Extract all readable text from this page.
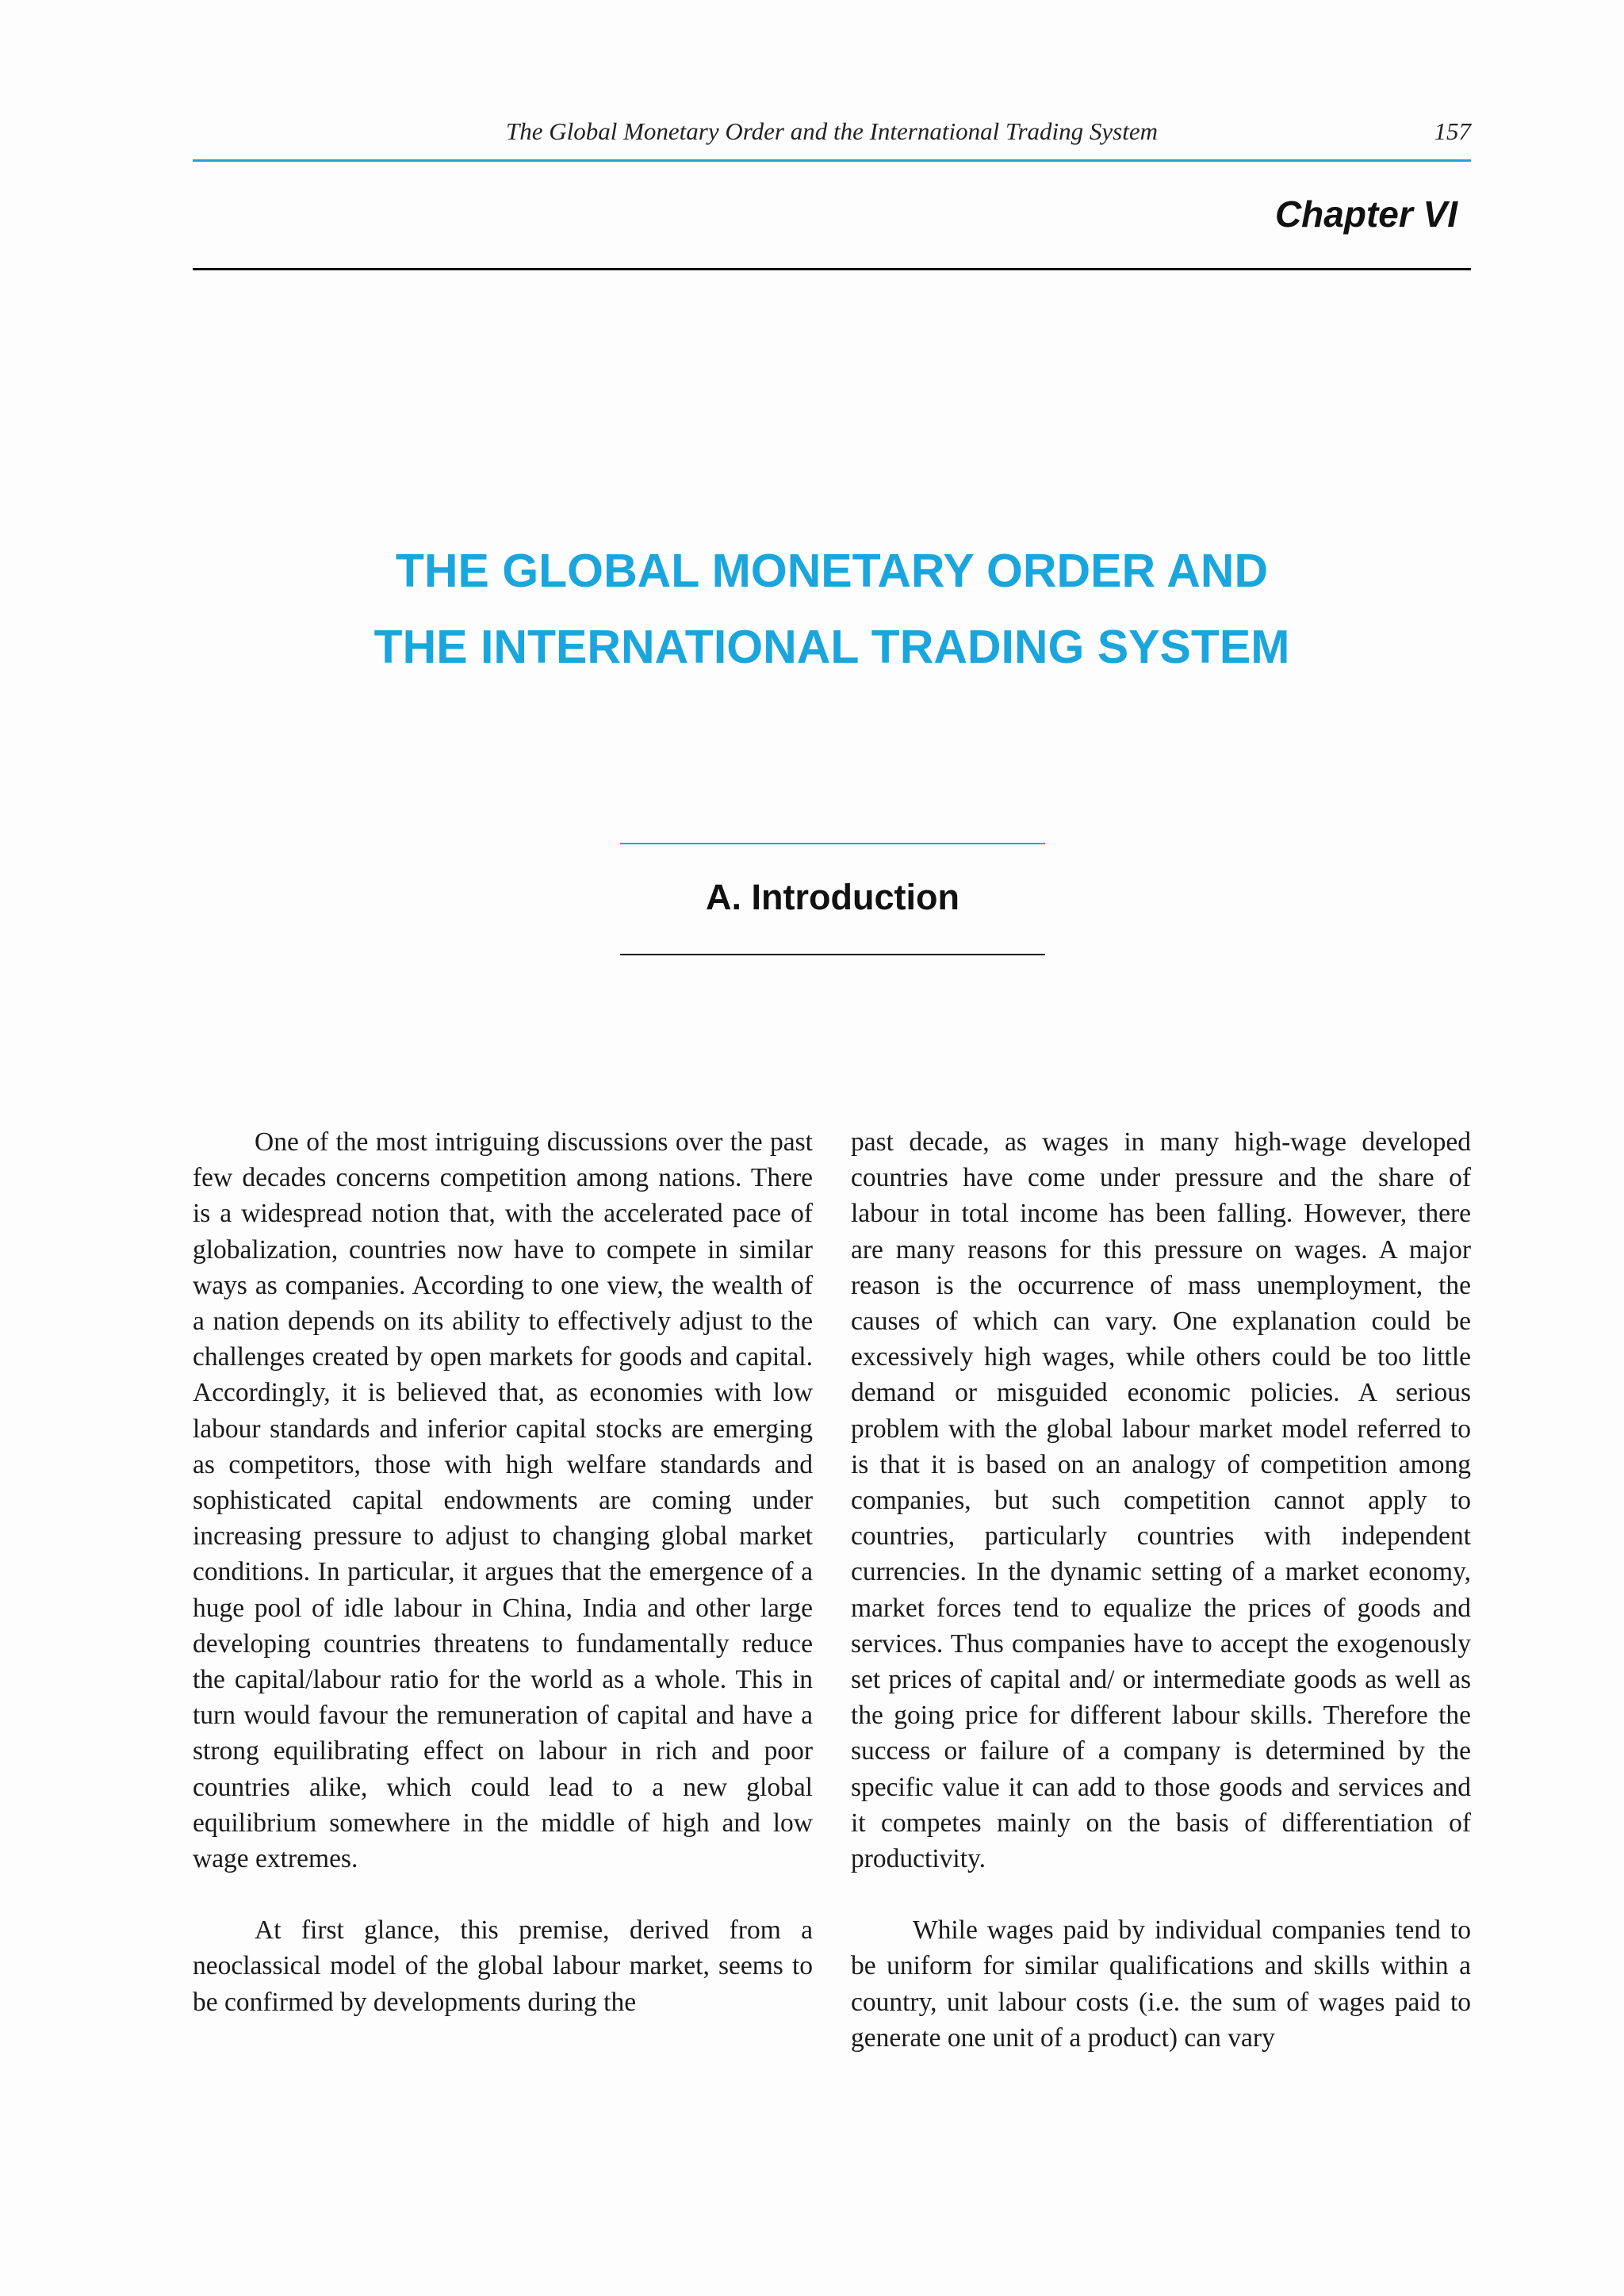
The Global Monetary Order and the International Trading System	157
Chapter VI
THE GLOBAL MONETARY ORDER AND
THE INTERNATIONAL TRADING SYSTEM
A. Introduction

One of the most intriguing discussions over the past few decades concerns competition among nations. There is a widespread notion that, with the accelerated pace of globalization, countries now have to compete in similar ways as companies. According to one view, the wealth of a nation depends on its ability to effectively adjust to the challenges created by open markets for goods and capital. Accordingly, it is believed that, as economies with low labour standards and inferior capital stocks are emerging as competitors, those with high welfare standards and sophisticated capital endowments are coming under increasing pressure to adjust to changing global market conditions. In particular, it argues that the emergence of a huge pool of idle labour in China, India and other large developing countries threatens to fundamentally reduce the capital/labour ratio for the world as a whole. This in turn would favour the remuneration of capital and have a strong equilibrating effect on labour in rich and poor countries alike, which could lead to a new global equilibrium somewhere in the middle of high and low wage extremes.

At first glance, this premise, derived from a neoclassical model of the global labour market, seems to be confirmed by developments during the

past decade, as wages in many high-wage developed countries have come under pressure and the share of labour in total income has been falling. However, there are many reasons for this pressure on wages. A major reason is the occurrence of mass unemployment, the causes of which can vary. One explanation could be excessively high wages, while others could be too little demand or misguided economic policies. A serious problem with the global labour market model referred to is that it is based on an analogy of competition among companies, but such competition cannot apply to countries, particularly countries with independent currencies. In the dynamic setting of a market economy, market forces tend to equalize the prices of goods and services. Thus companies have to accept the exogenously set prices of capital and/ or intermediate goods as well as the going price for different labour skills. Therefore the success or failure of a company is determined by the specific value it can add to those goods and services and it competes mainly on the basis of differentiation of productivity.

While wages paid by individual companies tend to be uniform for similar qualifications and skills within a country, unit labour costs (i.e. the sum of wages paid to generate one unit of a product) can vary
